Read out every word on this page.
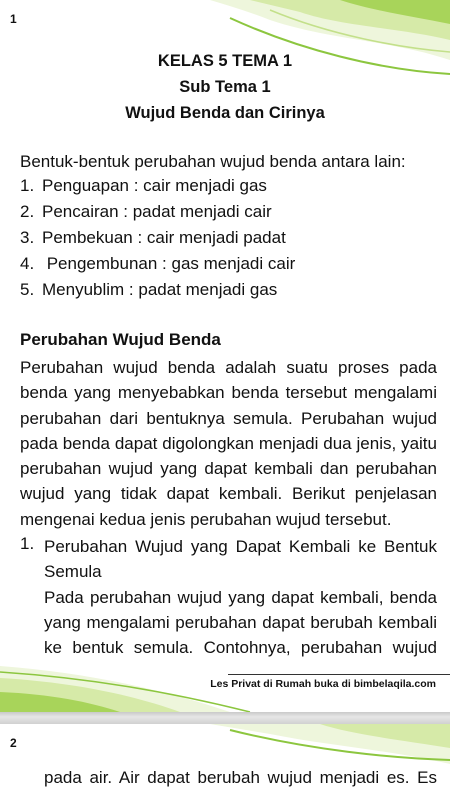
1
KELAS 5 TEMA 1
Sub Tema 1
Wujud Benda dan Cirinya
Bentuk-bentuk perubahan wujud benda antara lain:
1. Penguapan : cair menjadi gas
2. Pencairan : padat menjadi cair
3. Pembekuan : cair menjadi padat
4. Pengembunan : gas menjadi cair
5. Menyublim : padat menjadi gas
Perubahan Wujud Benda
Perubahan wujud benda adalah suatu proses pada
benda yang menyebabkan benda tersebut mengalami
perubahan dari bentuknya semula. Perubahan wujud
pada benda dapat digolongkan menjadi dua jenis, yaitu
perubahan wujud yang dapat kembali dan perubahan
wujud yang tidak dapat kembali. Berikut penjelasan
mengenai kedua jenis perubahan wujud tersebut.
1. Perubahan Wujud yang Dapat Kembali ke Bentuk
Semula
Pada perubahan wujud yang dapat kembali, benda
yang mengalami perubahan dapat berubah kembali
ke bentuk semula. Contohnya, perubahan wujud
Les Privat di Rumah buka di bimbelaqila.com
2
pada air. Air dapat berubah wujud menjadi es. Es
